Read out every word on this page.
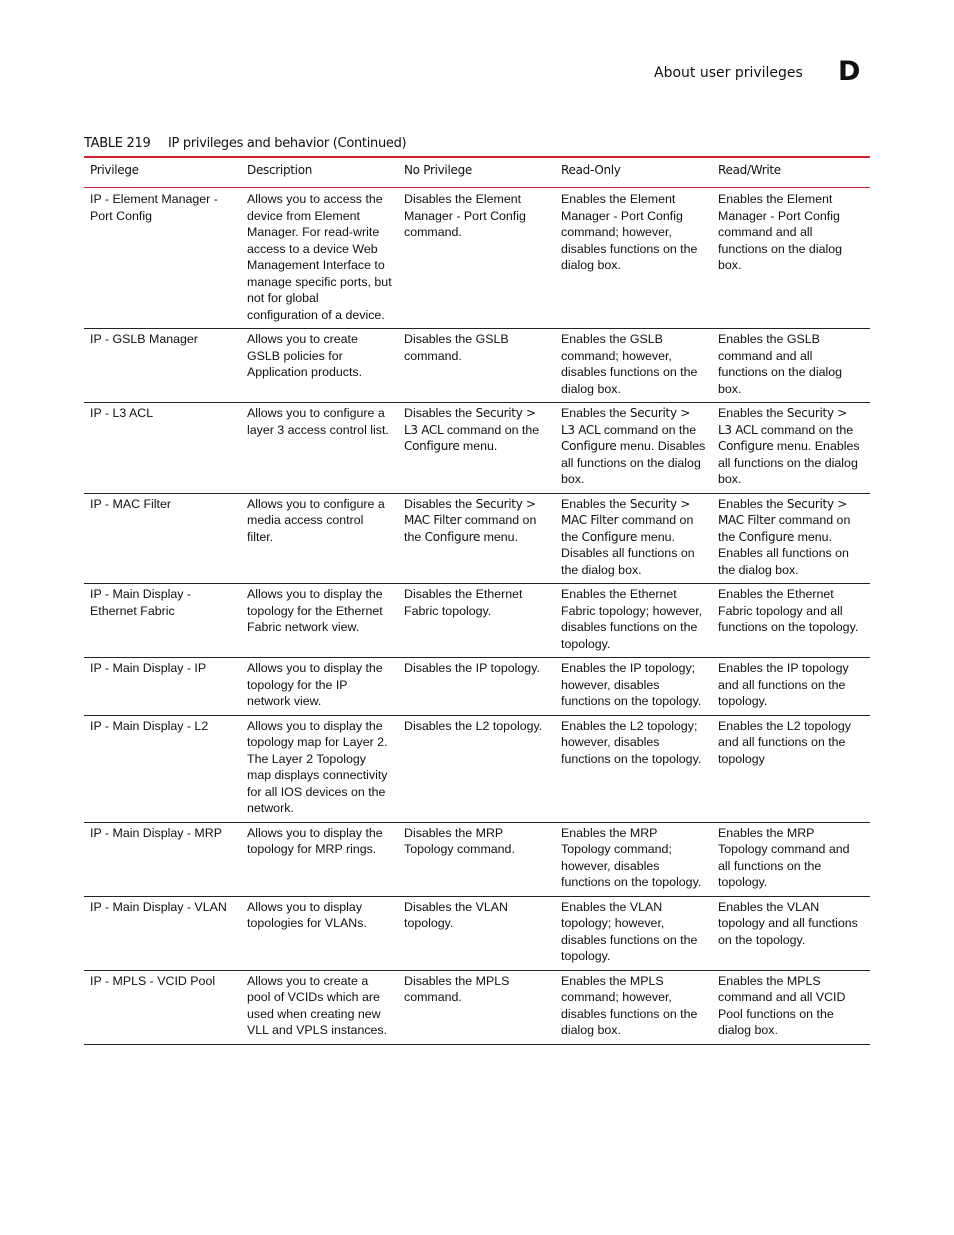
About user privileges D
TABLE 219 IP privileges and behavior (Continued)
Privilege	Description	No Privilege	Read-Only	Read/Write
IP - Element Manager - Port Config	Allows you to access the device from Element Manager. For read-write access to a device Web Management Interface to manage specific ports, but not for global configuration of a device.	Disables the Element Manager - Port Config command.	Enables the Element Manager - Port Config command; however, disables functions on the dialog box.	Enables the Element Manager - Port Config command and all functions on the dialog box.
IP - GSLB Manager	Allows you to create GSLB policies for Application products.	Disables the GSLB command.	Enables the GSLB command; however, disables functions on the dialog box.	Enables the GSLB command and all functions on the dialog box.
IP - L3 ACL	Allows you to configure a layer 3 access control list.	Disables the Security > L3 ACL command on the Configure menu.	Enables the Security > L3 ACL command on the Configure menu. Disables all functions on the dialog box.	Enables the Security > L3 ACL command on the Configure menu. Enables all functions on the dialog box.
IP - MAC Filter	Allows you to configure a media access control filter.	Disables the Security > MAC Filter command on the Configure menu.	Enables the Security > MAC Filter command on the Configure menu. Disables all functions on the dialog box.	Enables the Security > MAC Filter command on the Configure menu. Enables all functions on the dialog box.
IP - Main Display - Ethernet Fabric	Allows you to display the topology for the Ethernet Fabric network view.	Disables the Ethernet Fabric topology.	Enables the Ethernet Fabric topology; however, disables functions on the topology.	Enables the Ethernet Fabric topology and all functions on the topology.
IP - Main Display - IP	Allows you to display the topology for the IP network view.	Disables the IP topology.	Enables the IP topology; however, disables functions on the topology.	Enables the IP topology and all functions on the topology.
IP - Main Display - L2	Allows you to display the topology map for Layer 2. The Layer 2 Topology map displays connectivity for all IOS devices on the network.	Disables the L2 topology.	Enables the L2 topology; however, disables functions on the topology.	Enables the L2 topology and all functions on the topology
IP - Main Display - MRP	Allows you to display the topology for MRP rings.	Disables the MRP Topology command.	Enables the MRP Topology command; however, disables functions on the topology.	Enables the MRP Topology command and all functions on the topology.
IP - Main Display - VLAN	Allows you to display topologies for VLANs.	Disables the VLAN topology.	Enables the VLAN topology; however, disables functions on the topology.	Enables the VLAN topology and all functions on the topology.
IP - MPLS - VCID Pool	Allows you to create a pool of VCIDs which are used when creating new VLL and VPLS instances.	Disables the MPLS command.	Enables the MPLS command; however, disables functions on the dialog box.	Enables the MPLS command and all VCID Pool functions on the dialog box.
